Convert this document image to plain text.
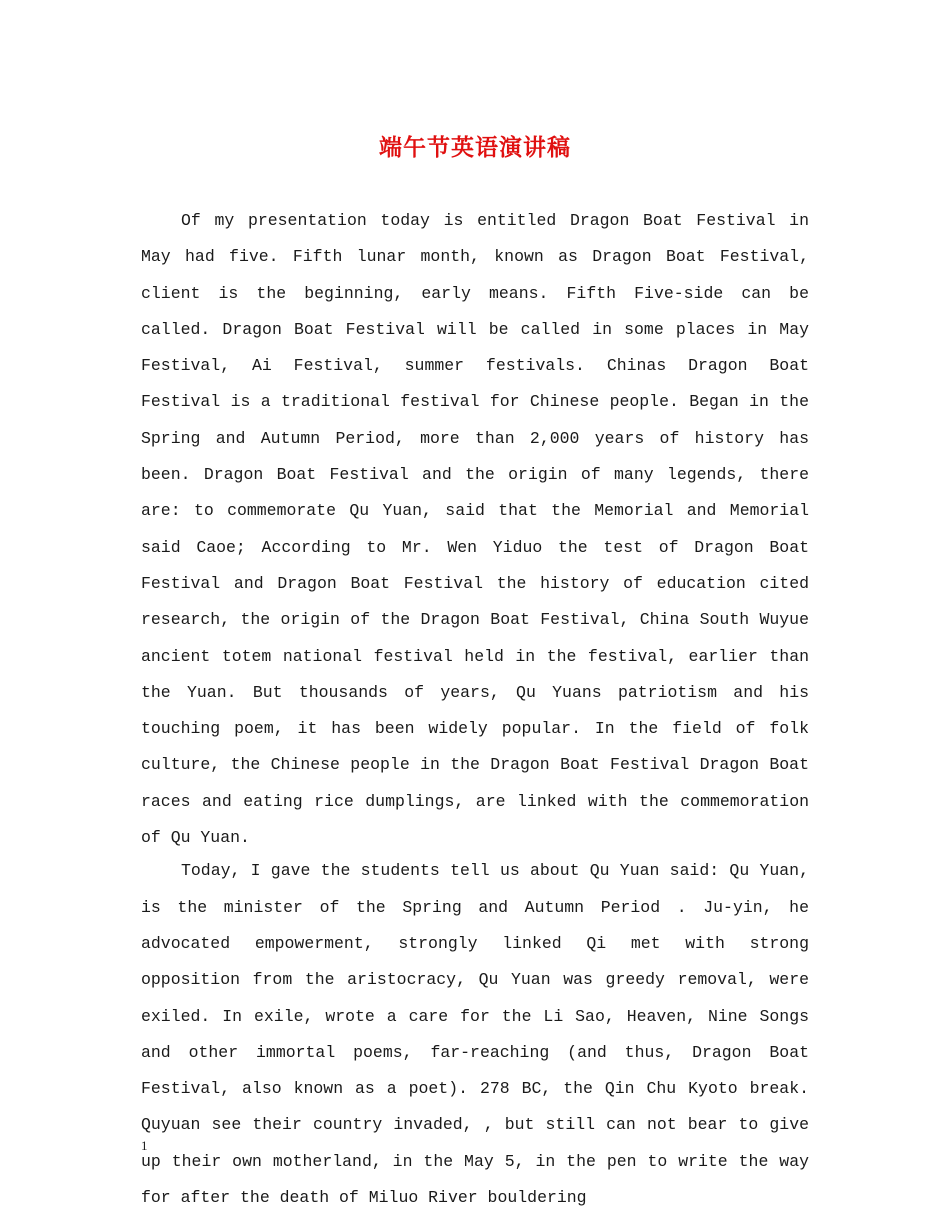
端午节英语演讲稿

Of my presentation today is entitled Dragon Boat Festival in May had five. Fifth lunar month, known as Dragon Boat Festival, client is the beginning, early means. Fifth Five-side can be called. Dragon Boat Festival will be called in some places in May Festival, Ai Festival, summer festivals. Chinas Dragon Boat Festival is a traditional festival for Chinese people. Began in the Spring and Autumn Period, more than 2,000 years of history has been. Dragon Boat Festival and the origin of many legends, there are: to commemorate Qu Yuan, said that the Memorial and Memorial said Caoe; According to Mr. Wen Yiduo the test of Dragon Boat Festival and Dragon Boat Festival the history of education cited research, the origin of the Dragon Boat Festival, China South Wuyue ancient totem national festival held in the festival, earlier than the Yuan. But thousands of years, Qu Yuans patriotism and his touching poem, it has been widely popular. In the field of folk culture, the Chinese people in the Dragon Boat Festival Dragon Boat races and eating rice dumplings, are linked with the commemoration of Qu Yuan.

Today, I gave the students tell us about Qu Yuan said: Qu Yuan, is the minister of the Spring and Autumn Period . Ju-yin, he advocated empowerment, strongly linked Qi met with strong opposition from the aristocracy, Qu Yuan was greedy removal, were exiled. In exile, wrote a care for the Li Sao, Heaven, Nine Songs and other immortal poems, far-reaching (and thus, Dragon Boat Festival, also known as a poet). 278 BC, the Qin Chu Kyoto break. Quyuan see their country invaded, , but still can not bear to give up their own motherland, in the May 5, in the pen to write the way for after the death of Miluo River bouldering

1
